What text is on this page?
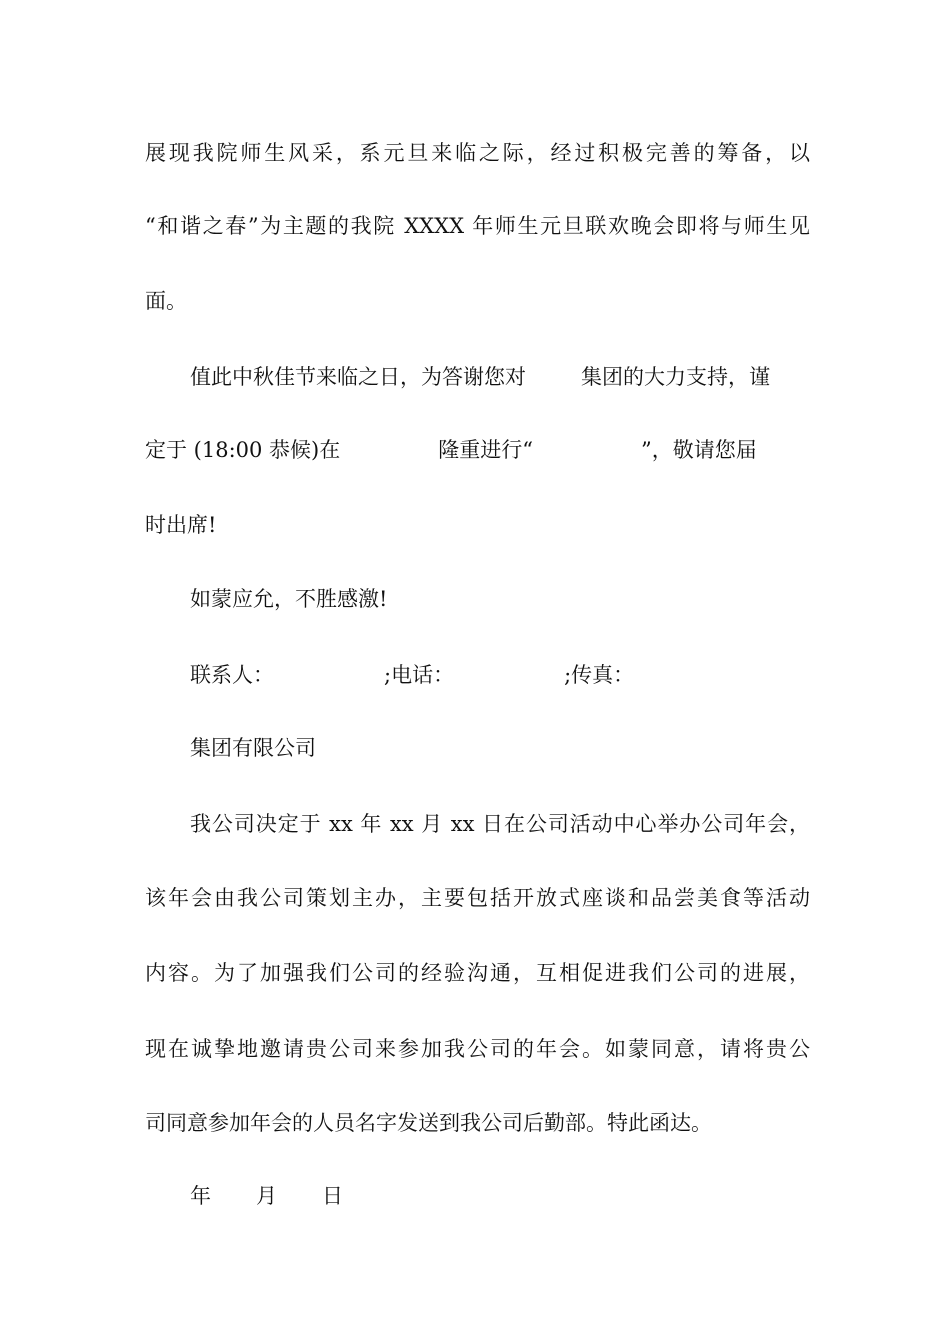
展现我院师生风采，系元旦来临之际，经过积极完善的筹备，以
“和谐之春”为主题的我院 XXXX 年师生元旦联欢晚会即将与师生见
面。
值此中秋佳节来临之日，为答谢您对	集团的大力支持，谨
定于 (18:00 恭候)在	隆重进行“	”，敬请您届
时出席!
如蒙应允，不胜感激!
联系人：	;电话：	;传真：
集团有限公司
我公司决定于 xx 年 xx 月 xx 日在公司活动中心举办公司年会，
该年会由我公司策划主办，主要包括开放式座谈和品尝美食等活动
内容。为了加强我们公司的经验沟通，互相促进我们公司的进展，
现在诚挚地邀请贵公司来参加我公司的年会。如蒙同意，请将贵公
司同意参加年会的人员名字发送到我公司后勤部。特此函达。
年 月 日
